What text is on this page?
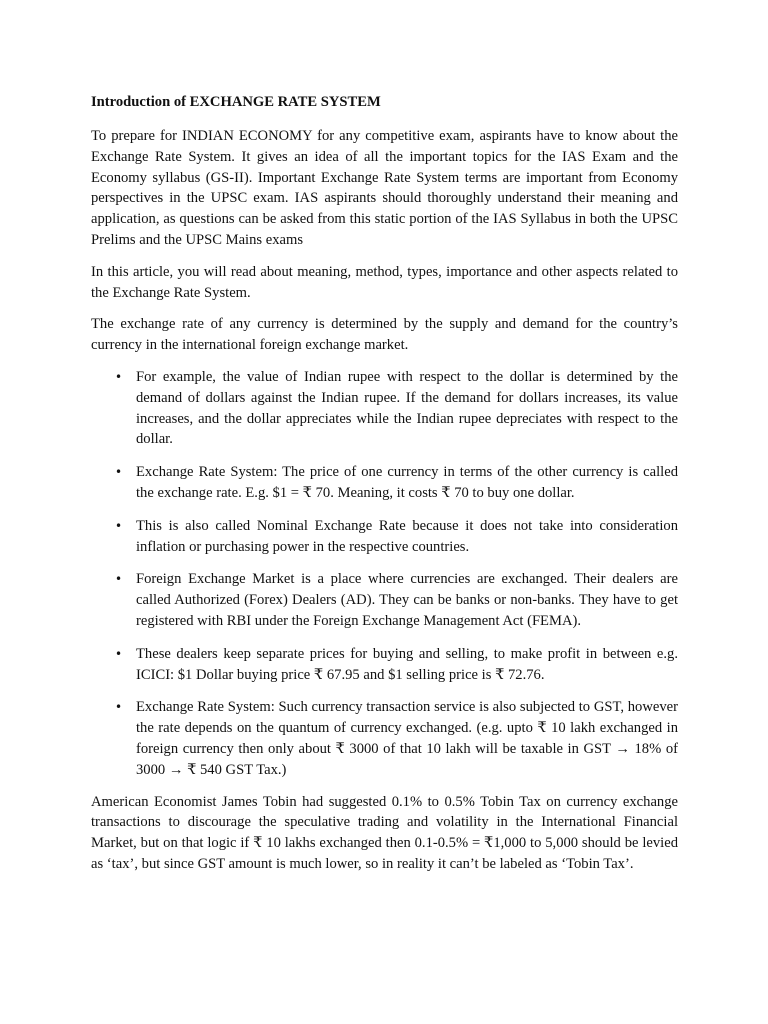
Introduction of EXCHANGE RATE SYSTEM

To prepare for INDIAN ECONOMY for any competitive exam, aspirants have to know about the Exchange Rate System. It gives an idea of all the important topics for the IAS Exam and the Economy syllabus (GS-II). Important Exchange Rate System terms are important from Economy perspectives in the UPSC exam. IAS aspirants should thoroughly understand their meaning and application, as questions can be asked from this static portion of the IAS Syllabus in both the UPSC Prelims and the UPSC Mains exams

In this article, you will read about meaning, method, types, importance and other aspects related to the Exchange Rate System.

The exchange rate of any currency is determined by the supply and demand for the country’s currency in the international foreign exchange market.

• For example, the value of Indian rupee with respect to the dollar is determined by the demand of dollars against the Indian rupee. If the demand for dollars increases, its value increases, and the dollar appreciates while the Indian rupee depreciates with respect to the dollar.
• Exchange Rate System: The price of one currency in terms of the other currency is called the exchange rate. E.g. $1 = ₹ 70. Meaning, it costs ₹ 70 to buy one dollar.
• This is also called Nominal Exchange Rate because it does not take into consideration inflation or purchasing power in the respective countries.
• Foreign Exchange Market is a place where currencies are exchanged. Their dealers are called Authorized (Forex) Dealers (AD). They can be banks or non-banks. They have to get registered with RBI under the Foreign Exchange Management Act (FEMA).
• These dealers keep separate prices for buying and selling, to make profit in between e.g. ICICI: $1 Dollar buying price ₹ 67.95 and $1 selling price is ₹ 72.76.
• Exchange Rate System: Such currency transaction service is also subjected to GST, however the rate depends on the quantum of currency exchanged. (e.g. upto ₹ 10 lakh exchanged in foreign currency then only about ₹ 3000 of that 10 lakh will be taxable in GST → 18% of 3000 → ₹ 540 GST Tax.)

American Economist James Tobin had suggested 0.1% to 0.5% Tobin Tax on currency exchange transactions to discourage the speculative trading and volatility in the International Financial Market, but on that logic if ₹ 10 lakhs exchanged then 0.1-0.5% = ₹1,000 to 5,000 should be levied as ‘tax’, but since GST amount is much lower, so in reality it can’t be labeled as ‘Tobin Tax’.
